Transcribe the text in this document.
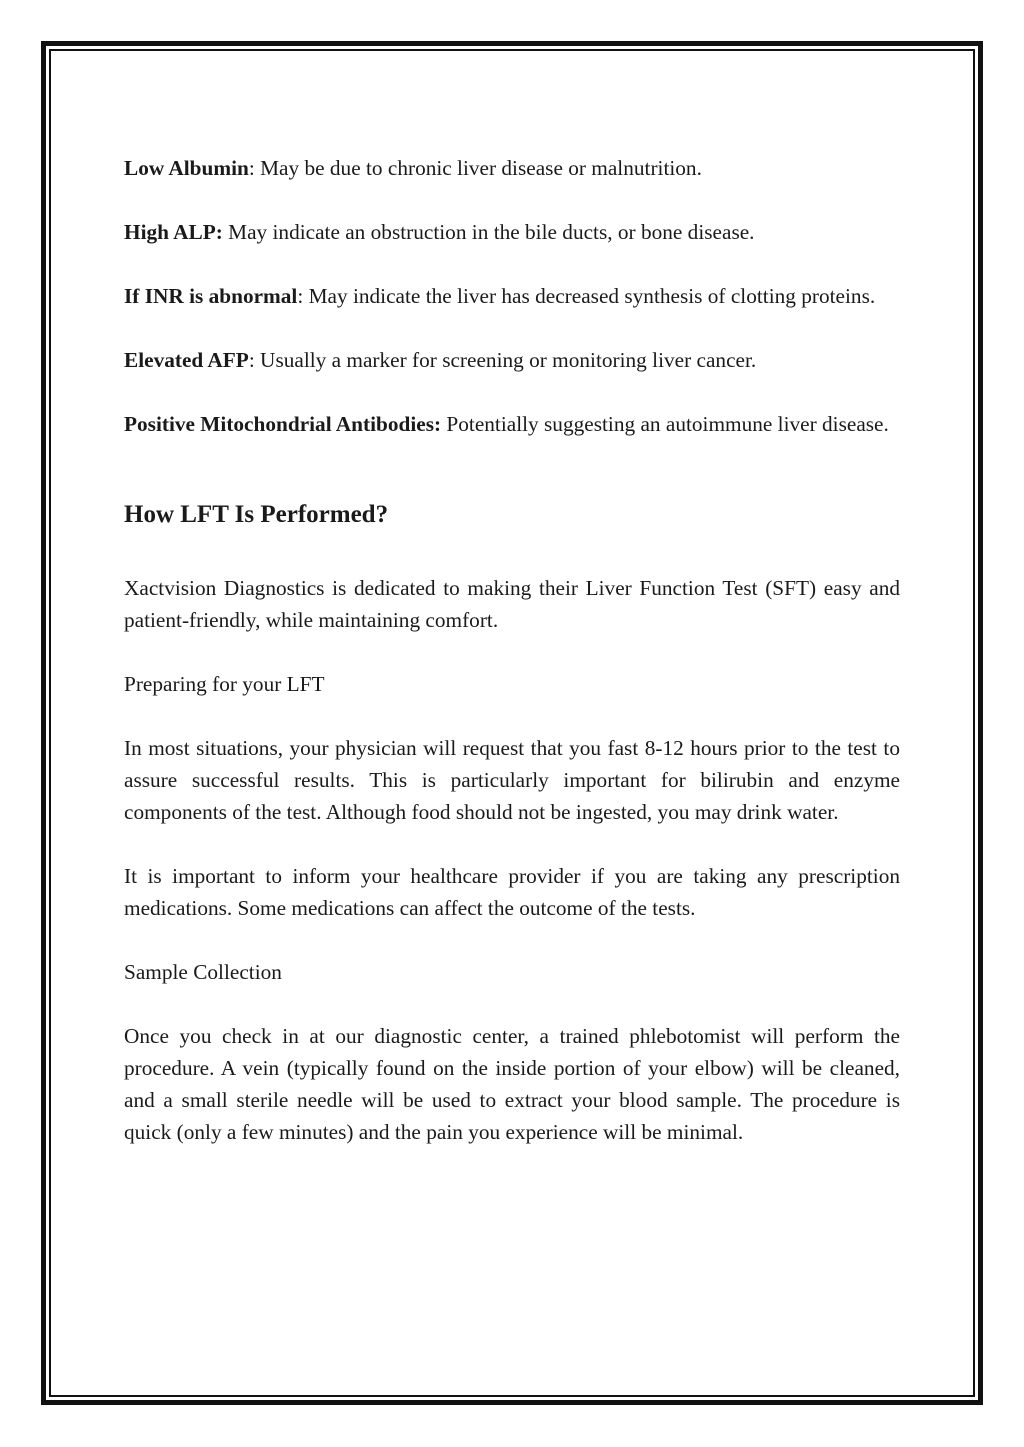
Low Albumin: May be due to chronic liver disease or malnutrition.

High ALP: May indicate an obstruction in the bile ducts, or bone disease.

If INR is abnormal: May indicate the liver has decreased synthesis of clotting proteins.

Elevated AFP: Usually a marker for screening or monitoring liver cancer.

Positive Mitochondrial Antibodies: Potentially suggesting an autoimmune liver disease.

How LFT Is Performed?

Xactvision Diagnostics is dedicated to making their Liver Function Test (SFT) easy and patient-friendly, while maintaining comfort.

Preparing for your LFT

In most situations, your physician will request that you fast 8-12 hours prior to the test to assure successful results. This is particularly important for bilirubin and enzyme components of the test. Although food should not be ingested, you may drink water.

It is important to inform your healthcare provider if you are taking any prescription medications. Some medications can affect the outcome of the tests.

Sample Collection

Once you check in at our diagnostic center, a trained phlebotomist will perform the procedure. A vein (typically found on the inside portion of your elbow) will be cleaned, and a small sterile needle will be used to extract your blood sample. The procedure is quick (only a few minutes) and the pain you experience will be minimal.
